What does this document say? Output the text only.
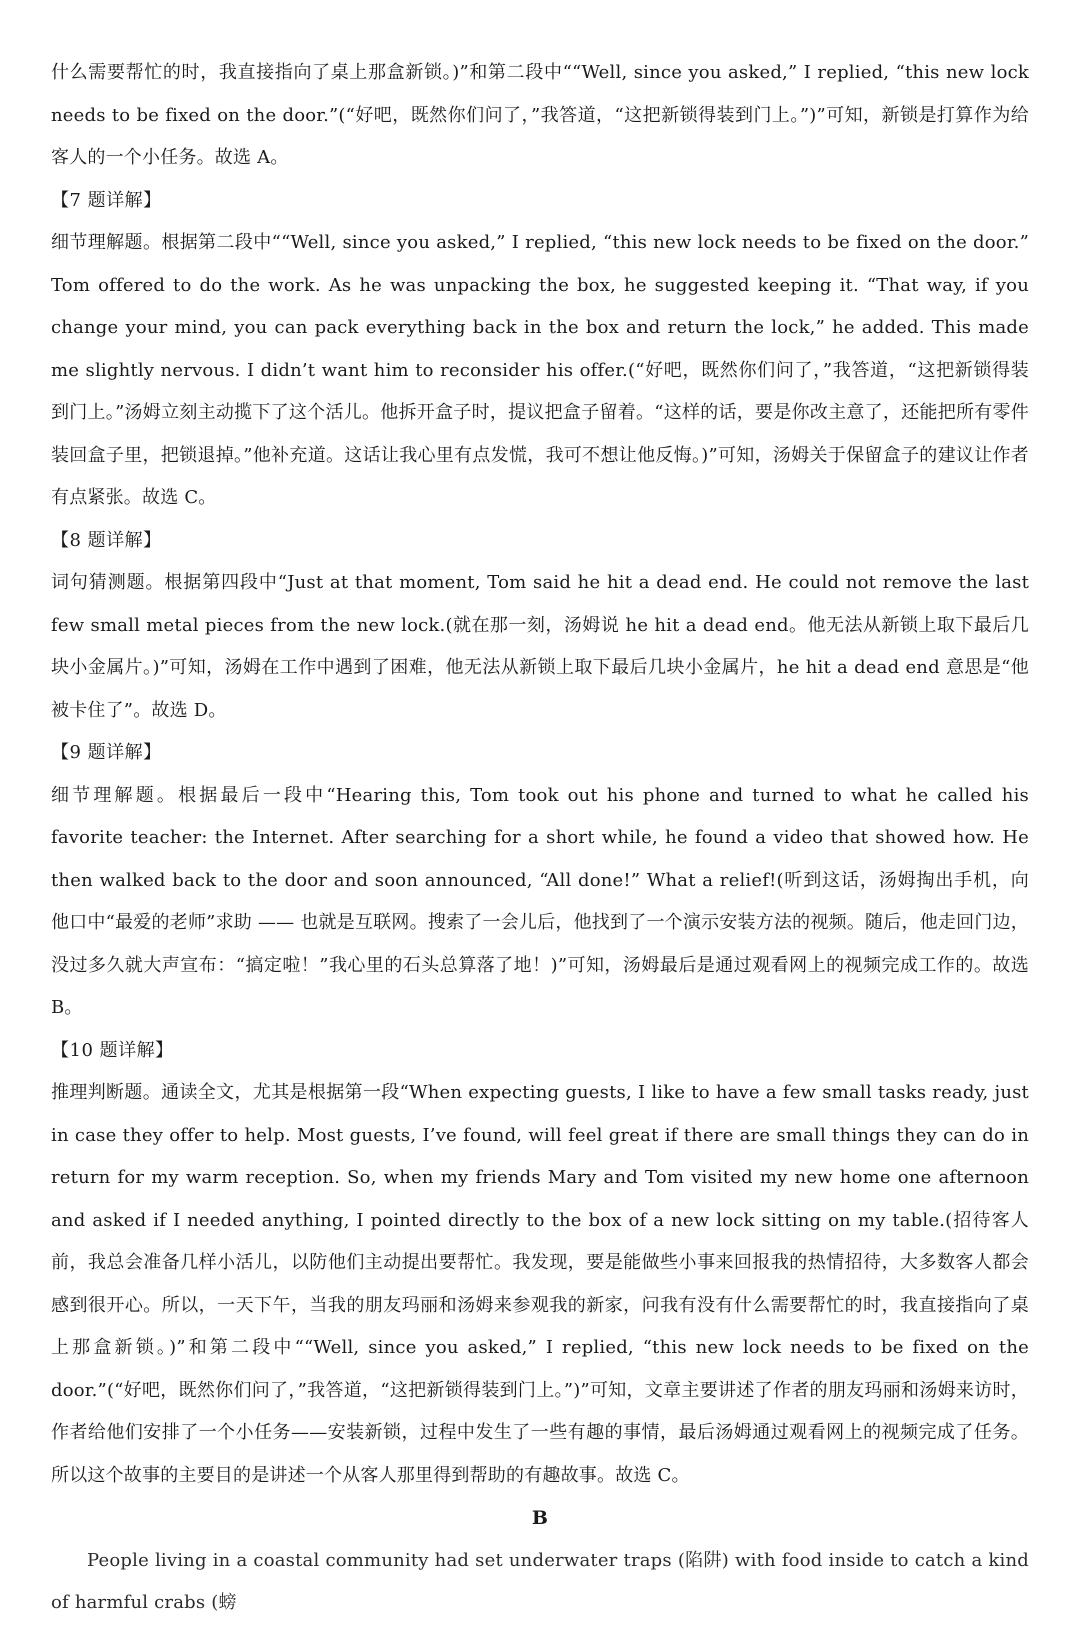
什么需要帮忙的时，我直接指向了桌上那盒新锁。)”和第二段中““Well, since you asked,” I replied, “this new lock needs to be fixed on the door.”(“好吧，既然你们问了，”我答道，“这把新锁得装到门上。”)”可知，新锁是打算作为给客人的一个小任务。故选 A。

【7 题详解】

细节理解题。根据第二段中““Well, since you asked,” I replied, “this new lock needs to be fixed on the door.” Tom offered to do the work. As he was unpacking the box, he suggested keeping it. “That way, if you change your mind, you can pack everything back in the box and return the lock,” he added. This made me slightly nervous. I didn’t want him to reconsider his offer.(“好吧，既然你们问了，”我答道，“这把新锁得装到门上。”汤姆立刻主动揽下了这个活儿。他拆开盒子时，提议把盒子留着。“这样的话，要是你改主意了，还能把所有零件装回盒子里，把锁退掉。”他补充道。这话让我心里有点发慌，我可不想让他反悔。)”可知，汤姆关于保留盒子的建议让作者有点紧张。故选 C。

【8 题详解】

词句猜测题。根据第四段中“Just at that moment, Tom said he hit a dead end. He could not remove the last few small metal pieces from the new lock.(就在那一刻，汤姆说 he hit a dead end。他无法从新锁上取下最后几块小金属片。)”可知，汤姆在工作中遇到了困难，他无法从新锁上取下最后几块小金属片，he hit a dead end 意思是“他被卡住了”。故选 D。

【9 题详解】

细节理解题。根据最后一段中“Hearing this, Tom took out his phone and turned to what he called his favorite teacher: the Internet. After searching for a short while, he found a video that showed how. He then walked back to the door and soon announced, “All done!” What a relief!(听到这话，汤姆掏出手机，向他口中“最爱的老师”求助 —— 也就是互联网。搜索了一会儿后，他找到了一个演示安装方法的视频。随后，他走回门边，没过多久就大声宣布：“搞定啦！”我心里的石头总算落了地！)”可知，汤姆最后是通过观看网上的视频完成工作的。故选 B。

【10 题详解】

推理判断题。通读全文，尤其是根据第一段“When expecting guests, I like to have a few small tasks ready, just in case they offer to help. Most guests, I’ve found, will feel great if there are small things they can do in return for my warm reception. So, when my friends Mary and Tom visited my new home one afternoon and asked if I needed anything, I pointed directly to the box of a new lock sitting on my table.(招待客人前，我总会准备几样小活儿，以防他们主动提出要帮忙。我发现，要是能做些小事来回报我的热情招待，大多数客人都会感到很开心。所以，一天下午，当我的朋友玛丽和汤姆来参观我的新家，问我有没有什么需要帮忙的时，我直接指向了桌上那盒新锁。)”和第二段中““Well, since you asked,” I replied, “this new lock needs to be fixed on the door.”(“好吧，既然你们问了，”我答道，“这把新锁得装到门上。”)”可知，文章主要讲述了作者的朋友玛丽和汤姆来访时，作者给他们安排了一个小任务——安装新锁，过程中发生了一些有趣的事情，最后汤姆通过观看网上的视频完成了任务。所以这个故事的主要目的是讲述一个从客人那里得到帮助的有趣故事。故选 C。

B

People living in a coastal community had set underwater traps (陷阱) with food inside to catch a kind of harmful crabs (螃
